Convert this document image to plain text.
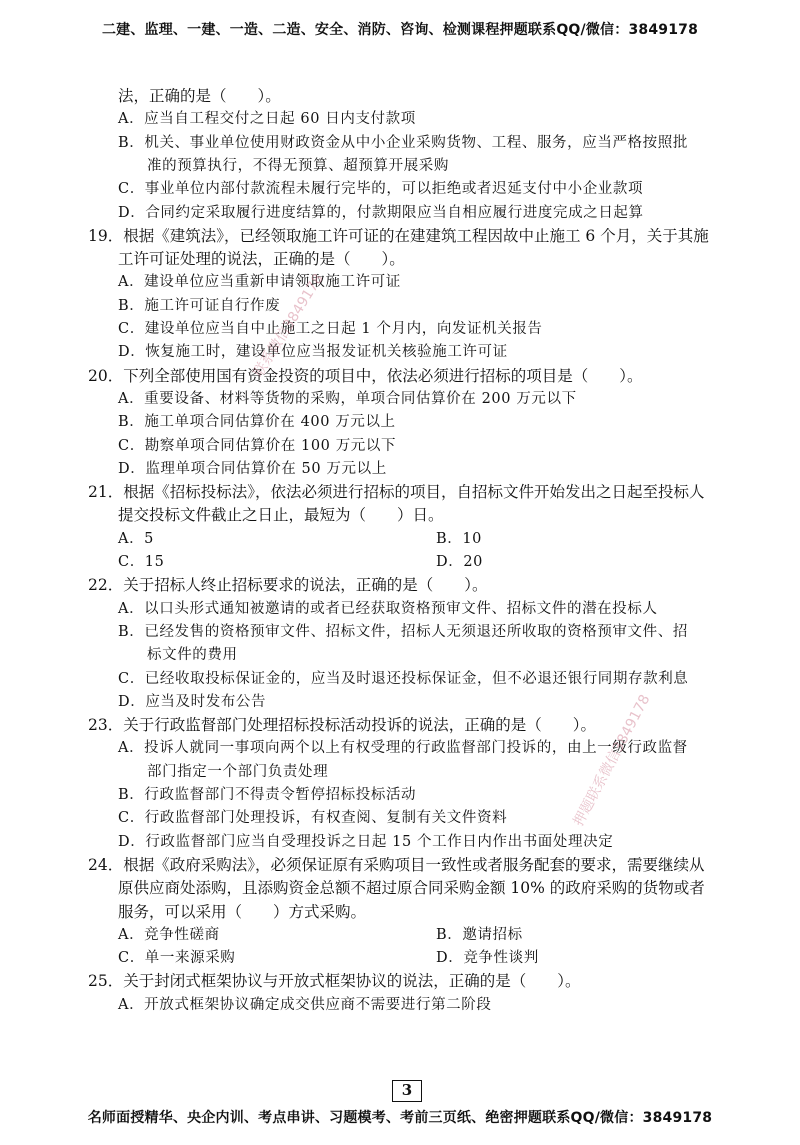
二建、监理、一建、一造、二造、安全、消防、咨询、检测课程押题联系QQ/微信：3849178
法，正确的是（　　）。
A．应当自工程交付之日起 60 日内支付款项
B．机关、事业单位使用财政资金从中小企业采购货物、工程、服务，应当严格按照批
准的预算执行，不得无预算、超预算开展采购
C．事业单位内部付款流程未履行完毕的，可以拒绝或者迟延支付中小企业款项
D．合同约定采取履行进度结算的，付款期限应当自相应履行进度完成之日起算
19．根据《建筑法》，已经领取施工许可证的在建建筑工程因故中止施工 6 个月，关于其施
工许可证处理的说法，正确的是（　　）。
A．建设单位应当重新申请领取施工许可证
B．施工许可证自行作废
C．建设单位应当自中止施工之日起 1 个月内，向发证机关报告
D．恢复施工时，建设单位应当报发证机关核验施工许可证
20．下列全部使用国有资金投资的项目中，依法必须进行招标的项目是（　　）。
A．重要设备、材料等货物的采购，单项合同估算价在 200 万元以下
B．施工单项合同估算价在 400 万元以上
C．勘察单项合同估算价在 100 万元以下
D．监理单项合同估算价在 50 万元以上
21．根据《招标投标法》，依法必须进行招标的项目，自招标文件开始发出之日起至投标人
提交投标文件截止之日止，最短为（　　）日。
A．5	B．10
C．15	D．20
22．关于招标人终止招标要求的说法，正确的是（　　）。
A．以口头形式通知被邀请的或者已经获取资格预审文件、招标文件的潜在投标人
B．已经发售的资格预审文件、招标文件，招标人无须退还所收取的资格预审文件、招
标文件的费用
C．已经收取投标保证金的，应当及时退还投标保证金，但不必退还银行同期存款利息
D．应当及时发布公告
23．关于行政监督部门处理招标投标活动投诉的说法，正确的是（　　）。
A．投诉人就同一事项向两个以上有权受理的行政监督部门投诉的，由上一级行政监督
部门指定一个部门负责处理
B．行政监督部门不得责令暂停招标投标活动
C．行政监督部门处理投诉，有权查阅、复制有关文件资料
D．行政监督部门应当自受理投诉之日起 15 个工作日内作出书面处理决定
24．根据《政府采购法》，必须保证原有采购项目一致性或者服务配套的要求，需要继续从
原供应商处添购，且添购资金总额不超过原合同采购金额 10% 的政府采购的货物或者
服务，可以采用（　　）方式采购。
A．竞争性磋商	B．邀请招标
C．单一来源采购	D．竞争性谈判
25．关于封闭式框架协议与开放式框架协议的说法，正确的是（　　）。
A．开放式框架协议确定成交供应商不需要进行第二阶段
联系微信3849178
押题联系微信3849178
3
名师面授精华、央企内训、考点串讲、习题模考、考前三页纸、绝密押题联系QQ/微信：3849178
